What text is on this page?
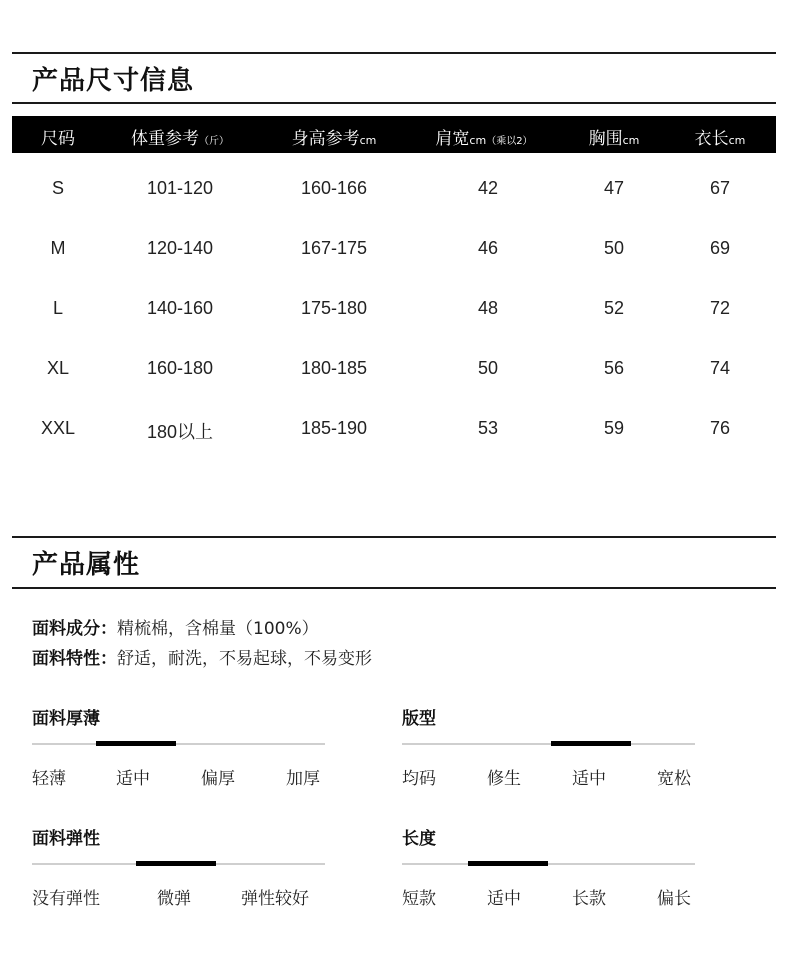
产品尺寸信息
尺码	体重参考（斤）	身高参考cm	肩宽cm（乘以2）	胸围cm	衣长cm
S	101-120	160-166	42	47	67
M	120-140	167-175	46	50	69
L	140-160	175-180	48	52	72
XL	160-180	180-185	50	56	74
XXL	180以上	185-190	53	59	76
产品属性
面料成分：精梳棉，含棉量（100%）
面料特性：舒适，耐洗，不易起球，不易变形
面料厚薄
轻薄	适中	偏厚	加厚
版型
均码	修生	适中	宽松
面料弹性
没有弹性	微弹	弹性较好
长度
短款	适中	长款	偏长
